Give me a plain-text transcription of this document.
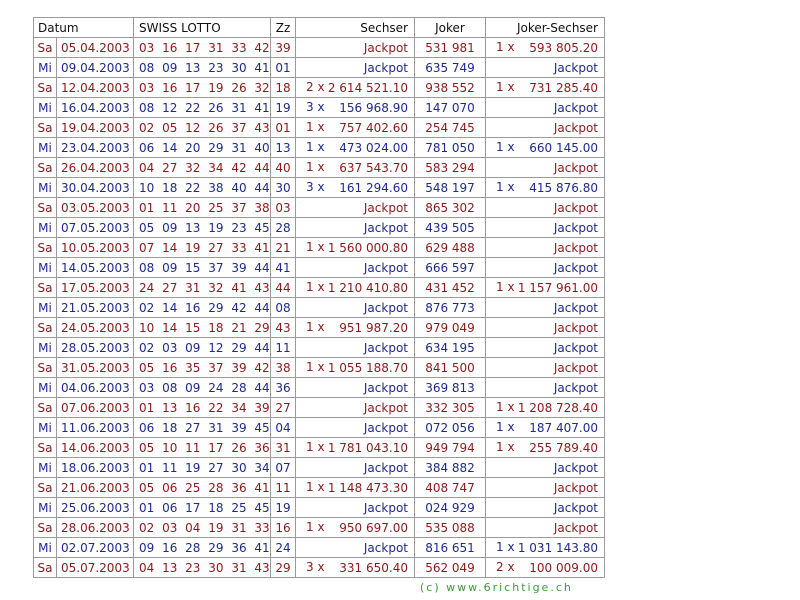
Datum		SWISS LOTTO	Zz	Sechser	Joker	Joker-Sechser
Sa	05.04.2003	03 16 17 31 33 42	39	Jackpot	531 981	1 x 593 805.20
Mi	09.04.2003	08 09 13 23 30 41	01	Jackpot	635 749	Jackpot
Sa	12.04.2003	03 16 17 19 26 32	18	2 x 2 614 521.10	938 552	1 x 731 285.40
Mi	16.04.2003	08 12 22 26 31 41	19	3 x 156 968.90	147 070	Jackpot
Sa	19.04.2003	02 05 12 26 37 43	01	1 x 757 402.60	254 745	Jackpot
Mi	23.04.2003	06 14 20 29 31 40	13	1 x 473 024.00	781 050	1 x 660 145.00
Sa	26.04.2003	04 27 32 34 42 44	40	1 x 637 543.70	583 294	Jackpot
Mi	30.04.2003	10 18 22 38 40 44	30	3 x 161 294.60	548 197	1 x 415 876.80
Sa	03.05.2003	01 11 20 25 37 38	03	Jackpot	865 302	Jackpot
Mi	07.05.2003	05 09 13 19 23 45	28	Jackpot	439 505	Jackpot
Sa	10.05.2003	07 14 19 27 33 41	21	1 x 1 560 000.80	629 488	Jackpot
Mi	14.05.2003	08 09 15 37 39 44	41	Jackpot	666 597	Jackpot
Sa	17.05.2003	24 27 31 32 41 43	44	1 x 1 210 410.80	431 452	1 x 1 157 961.00
Mi	21.05.2003	02 14 16 29 42 44	08	Jackpot	876 773	Jackpot
Sa	24.05.2003	10 14 15 18 21 29	43	1 x 951 987.20	979 049	Jackpot
Mi	28.05.2003	02 03 09 12 29 44	11	Jackpot	634 195	Jackpot
Sa	31.05.2003	05 16 35 37 39 42	38	1 x 1 055 188.70	841 500	Jackpot
Mi	04.06.2003	03 08 09 24 28 44	36	Jackpot	369 813	Jackpot
Sa	07.06.2003	01 13 16 22 34 39	27	Jackpot	332 305	1 x 1 208 728.40
Mi	11.06.2003	06 18 27 31 39 45	04	Jackpot	072 056	1 x 187 407.00
Sa	14.06.2003	05 10 11 17 26 36	31	1 x 1 781 043.10	949 794	1 x 255 789.40
Mi	18.06.2003	01 11 19 27 30 34	07	Jackpot	384 882	Jackpot
Sa	21.06.2003	05 06 25 28 36 41	11	1 x 1 148 473.30	408 747	Jackpot
Mi	25.06.2003	01 06 17 18 25 45	19	Jackpot	024 929	Jackpot
Sa	28.06.2003	02 03 04 19 31 33	16	1 x 950 697.00	535 088	Jackpot
Mi	02.07.2003	09 16 28 29 36 41	24	Jackpot	816 651	1 x 1 031 143.80
Sa	05.07.2003	04 13 23 30 31 43	29	3 x 331 650.40	562 049	2 x 100 009.00
(c) www.6richtige.ch
